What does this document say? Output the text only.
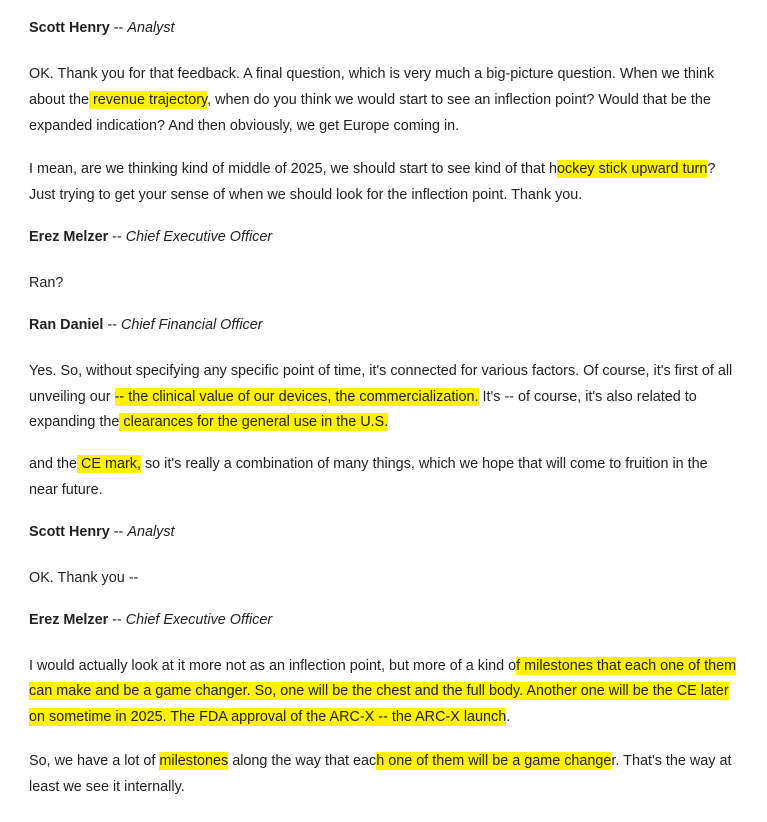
Scott Henry -- Analyst

OK. Thank you for that feedback. A final question, which is very much a big-picture question. When we think about the revenue trajectory, when do you think we would start to see an inflection point? Would that be the expanded indication? And then obviously, we get Europe coming in.

I mean, are we thinking kind of middle of 2025, we should start to see kind of that hockey stick upward turn? Just trying to get your sense of when we should look for the inflection point. Thank you.

Erez Melzer -- Chief Executive Officer

Ran?

Ran Daniel -- Chief Financial Officer

Yes. So, without specifying any specific point of time, it's connected for various factors. Of course, it's first of all unveiling our -- the clinical value of our devices, the commercialization. It's -- of course, it's also related to expanding the clearances for the general use in the U.S.

and the CE mark, so it's really a combination of many things, which we hope that will come to fruition in the near future.

Scott Henry -- Analyst

OK. Thank you --

Erez Melzer -- Chief Executive Officer

I would actually look at it more not as an inflection point, but more of a kind of milestones that each one of them can make and be a game changer. So, one will be the chest and the full body. Another one will be the CE later on sometime in 2025. The FDA approval of the ARC-X -- the ARC-X launch.

So, we have a lot of milestones along the way that each one of them will be a game changer. That's the way at least we see it internally.
